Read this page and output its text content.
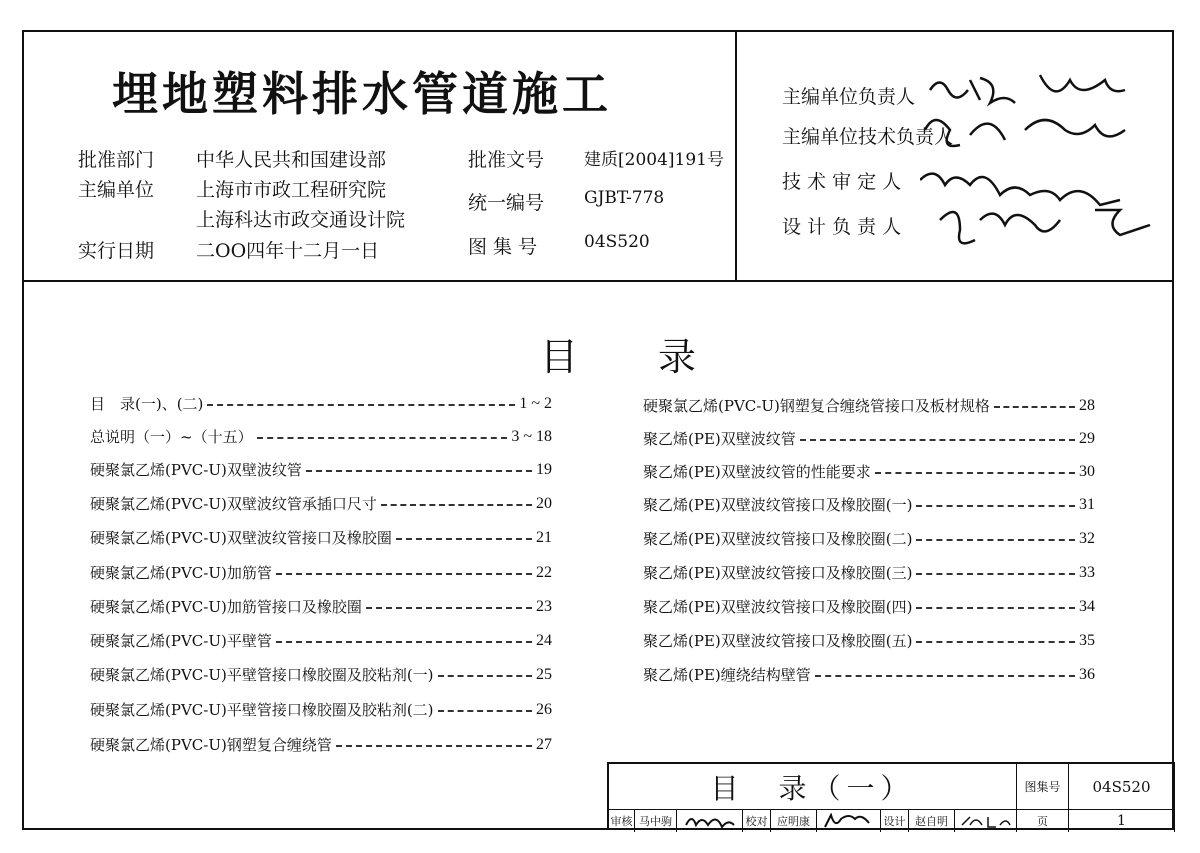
埋地塑料排水管道施工
批准部门 中华人民共和国建设部
主编单位 上海市市政工程研究院
上海科达市政交通设计院
实行日期 二OO四年十二月一日
批准文号 建质[2004]191号
统一编号 GJBT-778
图 集 号	04S520
主编单位负责人
主编单位技术负责人
技 术 审 定 人
设 计 负 责 人
目 录
目　录(一)、(二)	1 ~ 2
总说明（一）~（十五）	3 ~ 18
硬聚氯乙烯(PVC-U)双壁波纹管	19
硬聚氯乙烯(PVC-U)双壁波纹管承插口尺寸	20
硬聚氯乙烯(PVC-U)双壁波纹管接口及橡胶圈	21
硬聚氯乙烯(PVC-U)加筋管	22
硬聚氯乙烯(PVC-U)加筋管接口及橡胶圈	23
硬聚氯乙烯(PVC-U)平壁管	24
硬聚氯乙烯(PVC-U)平壁管接口橡胶圈及胶粘剂(一)	25
硬聚氯乙烯(PVC-U)平壁管接口橡胶圈及胶粘剂(二)	26
硬聚氯乙烯(PVC-U)钢塑复合缠绕管	27
硬聚氯乙烯(PVC-U)钢塑复合缠绕管接口及板材规格	28
聚乙烯(PE)双壁波纹管	29
聚乙烯(PE)双壁波纹管的性能要求	30
聚乙烯(PE)双壁波纹管接口及橡胶圈(一)	31
聚乙烯(PE)双壁波纹管接口及橡胶圈(二)	32
聚乙烯(PE)双壁波纹管接口及橡胶圈(三)	33
聚乙烯(PE)双壁波纹管接口及橡胶圈(四)	34
聚乙烯(PE)双壁波纹管接口及橡胶圈(五)	35
聚乙烯(PE)缠绕结构壁管	36
目　录（一）	图集号	04S520
审核 马中驹	校对 应明康	设计 赵自明	页	1
